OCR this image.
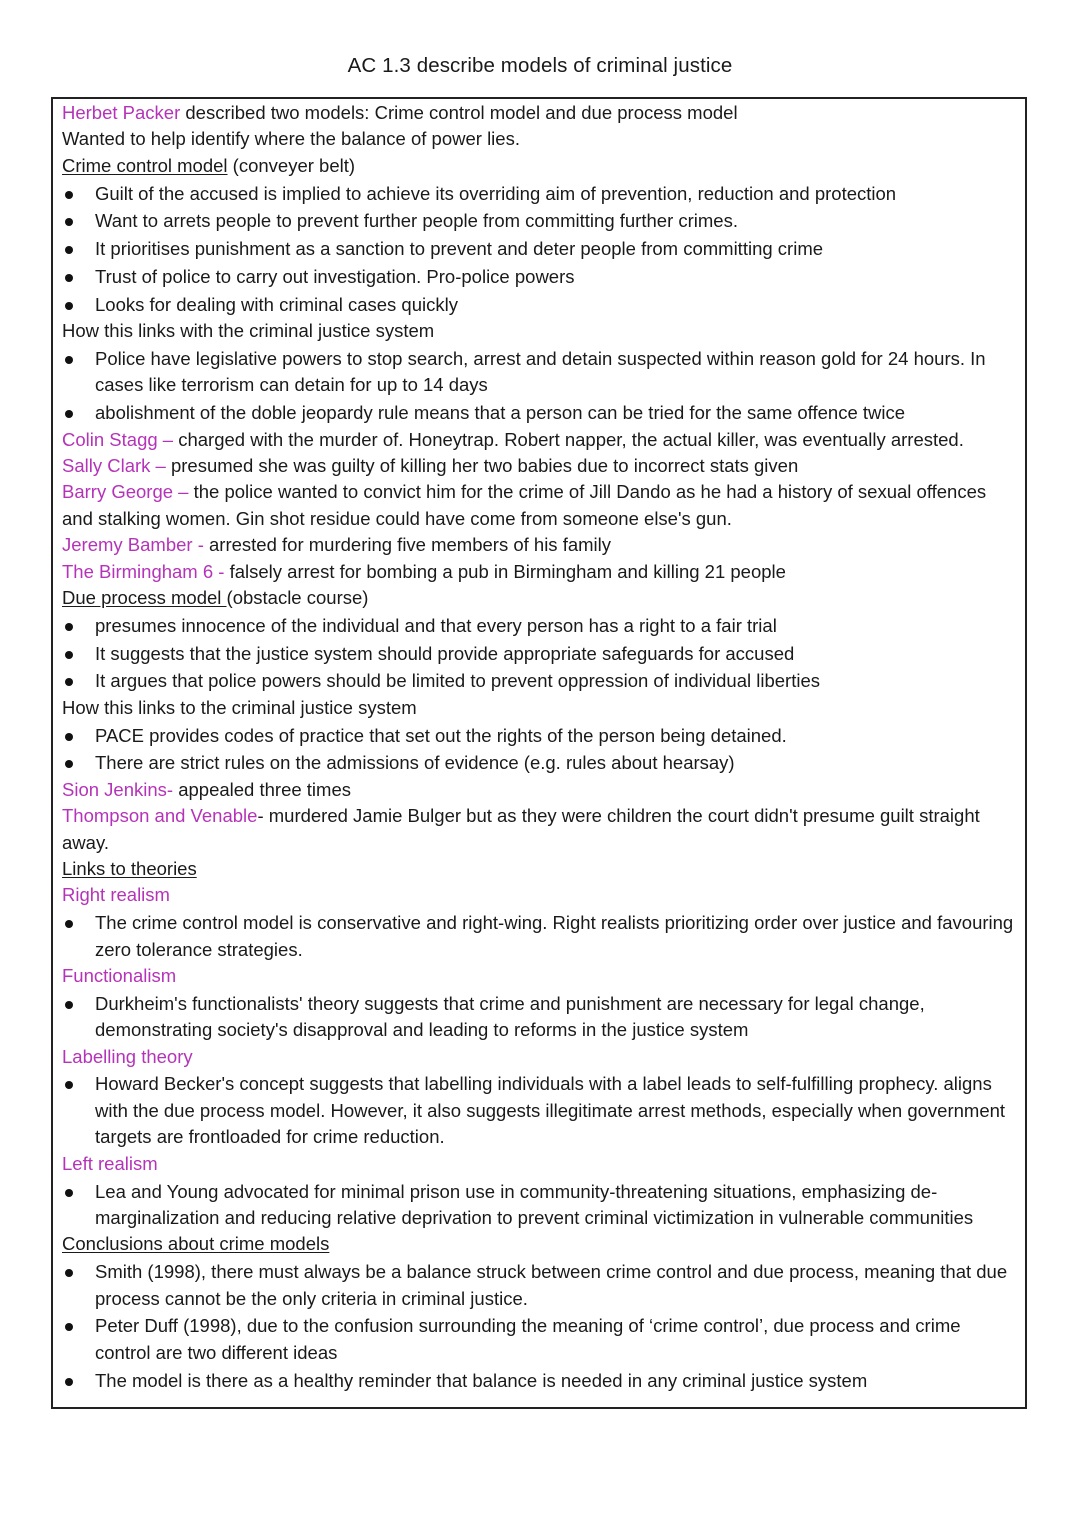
AC 1.3 describe models of criminal justice

Herbet Packer described two models: Crime control model and due process model

Wanted to help identify where the balance of power lies.

Crime control model (conveyer belt)

Guilt of the accused is implied to achieve its overriding aim of prevention, reduction and protection
Want to arrets people to prevent further people from committing further crimes.
It prioritises punishment as a sanction to prevent and deter people from committing crime
Trust of police to carry out investigation. Pro-police powers
Looks for dealing with criminal cases quickly

How this links with the criminal justice system

Police have legislative powers to stop search, arrest and detain suspected within reason gold for 24 hours. In cases like terrorism can detain for up to 14 days
abolishment of the doble jeopardy rule means that a person can be tried for the same offence twice

Colin Stagg – charged with the murder of. Honeytrap. Robert napper, the actual killer, was eventually arrested.

Sally Clark – presumed she was guilty of killing her two babies due to incorrect stats given

Barry George – the police wanted to convict him for the crime of Jill Dando as he had a history of sexual offences and stalking women. Gin shot residue could have come from someone else's gun.

Jeremy Bamber - arrested for murdering five members of his family

The Birmingham 6 - falsely arrest for bombing a pub in Birmingham and killing 21 people

Due process model (obstacle course)

presumes innocence of the individual and that every person has a right to a fair trial
It suggests that the justice system should provide appropriate safeguards for accused
It argues that police powers should be limited to prevent oppression of individual liberties

How this links to the criminal justice system

PACE provides codes of practice that set out the rights of the person being detained.
There are strict rules on the admissions of evidence (e.g. rules about hearsay)

Sion Jenkins- appealed three times

Thompson and Venable- murdered Jamie Bulger but as they were children the court didn't presume guilt straight away.

Links to theories

Right realism

The crime control model is conservative and right-wing. Right realists prioritizing order over justice and favouring zero tolerance strategies.

Functionalism

Durkheim's functionalists' theory suggests that crime and punishment are necessary for legal change, demonstrating society's disapproval and leading to reforms in the justice system

Labelling theory

Howard Becker's concept suggests that labelling individuals with a label leads to self-fulfilling prophecy. aligns with the due process model. However, it also suggests illegitimate arrest methods, especially when government targets are frontloaded for crime reduction.

Left realism

Lea and Young advocated for minimal prison use in community-threatening situations, emphasizing de-marginalization and reducing relative deprivation to prevent criminal victimization in vulnerable communities

Conclusions about crime models

Smith (1998), there must always be a balance struck between crime control and due process, meaning that due process cannot be the only criteria in criminal justice.
Peter Duff (1998), due to the confusion surrounding the meaning of ‘crime control’, due process and crime control are two different ideas
The model is there as a healthy reminder that balance is needed in any criminal justice system
